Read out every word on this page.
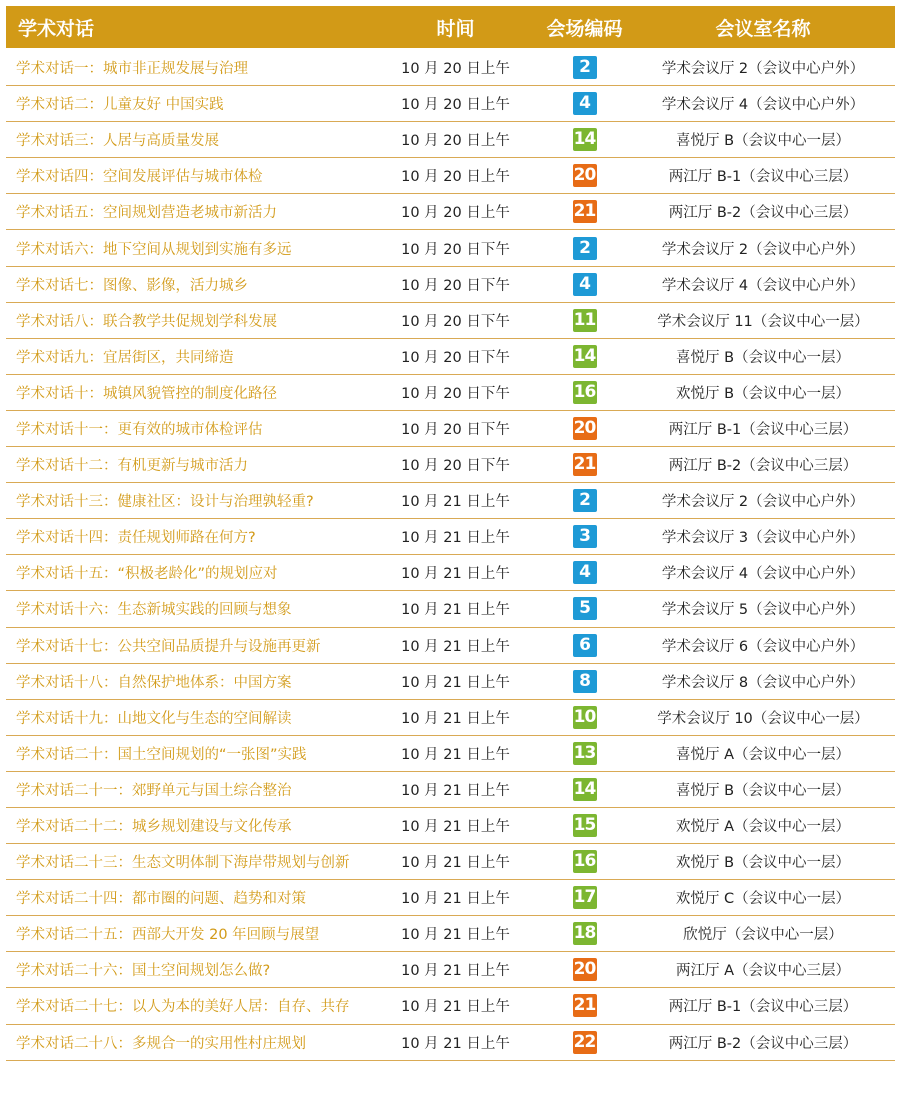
学术对话	时间	会场编码	会议室名称
学术对话一：城市非正规发展与治理	10 月 20 日上午	2	学术会议厅 2（会议中心户外）
学术对话二：儿童友好 中国实践	10 月 20 日上午	4	学术会议厅 4（会议中心户外）
学术对话三：人居与高质量发展	10 月 20 日上午	14	喜悦厅 B（会议中心一层）
学术对话四：空间发展评估与城市体检	10 月 20 日上午	20	两江厅 B-1（会议中心三层）
学术对话五：空间规划营造老城市新活力	10 月 20 日上午	21	两江厅 B-2（会议中心三层）
学术对话六：地下空间从规划到实施有多远	10 月 20 日下午	2	学术会议厅 2（会议中心户外）
学术对话七：图像、影像，活力城乡	10 月 20 日下午	4	学术会议厅 4（会议中心户外）
学术对话八：联合教学共促规划学科发展	10 月 20 日下午	11	学术会议厅 11（会议中心一层）
学术对话九：宜居街区，共同缔造	10 月 20 日下午	14	喜悦厅 B（会议中心一层）
学术对话十：城镇风貌管控的制度化路径	10 月 20 日下午	16	欢悦厅 B（会议中心一层）
学术对话十一：更有效的城市体检评估	10 月 20 日下午	20	两江厅 B-1（会议中心三层）
学术对话十二：有机更新与城市活力	10 月 20 日下午	21	两江厅 B-2（会议中心三层）
学术对话十三：健康社区：设计与治理孰轻重?	10 月 21 日上午	2	学术会议厅 2（会议中心户外）
学术对话十四：责任规划师路在何方?	10 月 21 日上午	3	学术会议厅 3（会议中心户外）
学术对话十五：“积极老龄化”的规划应对	10 月 21 日上午	4	学术会议厅 4（会议中心户外）
学术对话十六：生态新城实践的回顾与想象	10 月 21 日上午	5	学术会议厅 5（会议中心户外）
学术对话十七：公共空间品质提升与设施再更新	10 月 21 日上午	6	学术会议厅 6（会议中心户外）
学术对话十八：自然保护地体系：中国方案	10 月 21 日上午	8	学术会议厅 8（会议中心户外）
学术对话十九：山地文化与生态的空间解读	10 月 21 日上午	10	学术会议厅 10（会议中心一层）
学术对话二十：国土空间规划的“一张图”实践	10 月 21 日上午	13	喜悦厅 A（会议中心一层）
学术对话二十一：郊野单元与国土综合整治	10 月 21 日上午	14	喜悦厅 B（会议中心一层）
学术对话二十二：城乡规划建设与文化传承	10 月 21 日上午	15	欢悦厅 A（会议中心一层）
学术对话二十三：生态文明体制下海岸带规划与创新	10 月 21 日上午	16	欢悦厅 B（会议中心一层）
学术对话二十四：都市圈的问题、趋势和对策	10 月 21 日上午	17	欢悦厅 C（会议中心一层）
学术对话二十五：西部大开发 20 年回顾与展望	10 月 21 日上午	18	欣悦厅（会议中心一层）
学术对话二十六：国土空间规划怎么做?	10 月 21 日上午	20	两江厅 A（会议中心三层）
学术对话二十七：以人为本的美好人居：自存、共存	10 月 21 日上午	21	两江厅 B-1（会议中心三层）
学术对话二十八：多规合一的实用性村庄规划	10 月 21 日上午	22	两江厅 B-2（会议中心三层）
